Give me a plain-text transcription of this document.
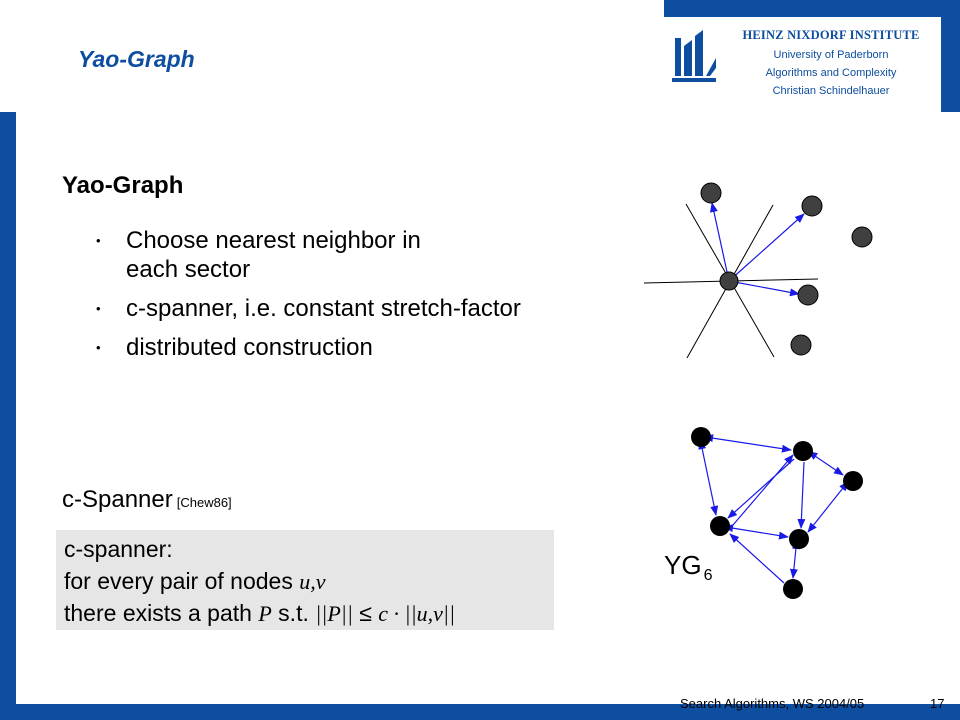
Yao-Graph
HEINZ NIXDORF INSTITUTE
University of Paderborn
Algorithms and Complexity
Christian Schindelhauer
Yao-Graph
• Choose nearest neighbor in
each sector
• c-spanner, i.e. constant stretch-factor
• distributed construction
c-Spanner [Chew86]
c-spanner:
for every pair of nodes u,v
there exists a path P s.t. ||P|| ≤ c · ||u,v||
YG $_6$
Search Algorithms, WS 2004/05	17
